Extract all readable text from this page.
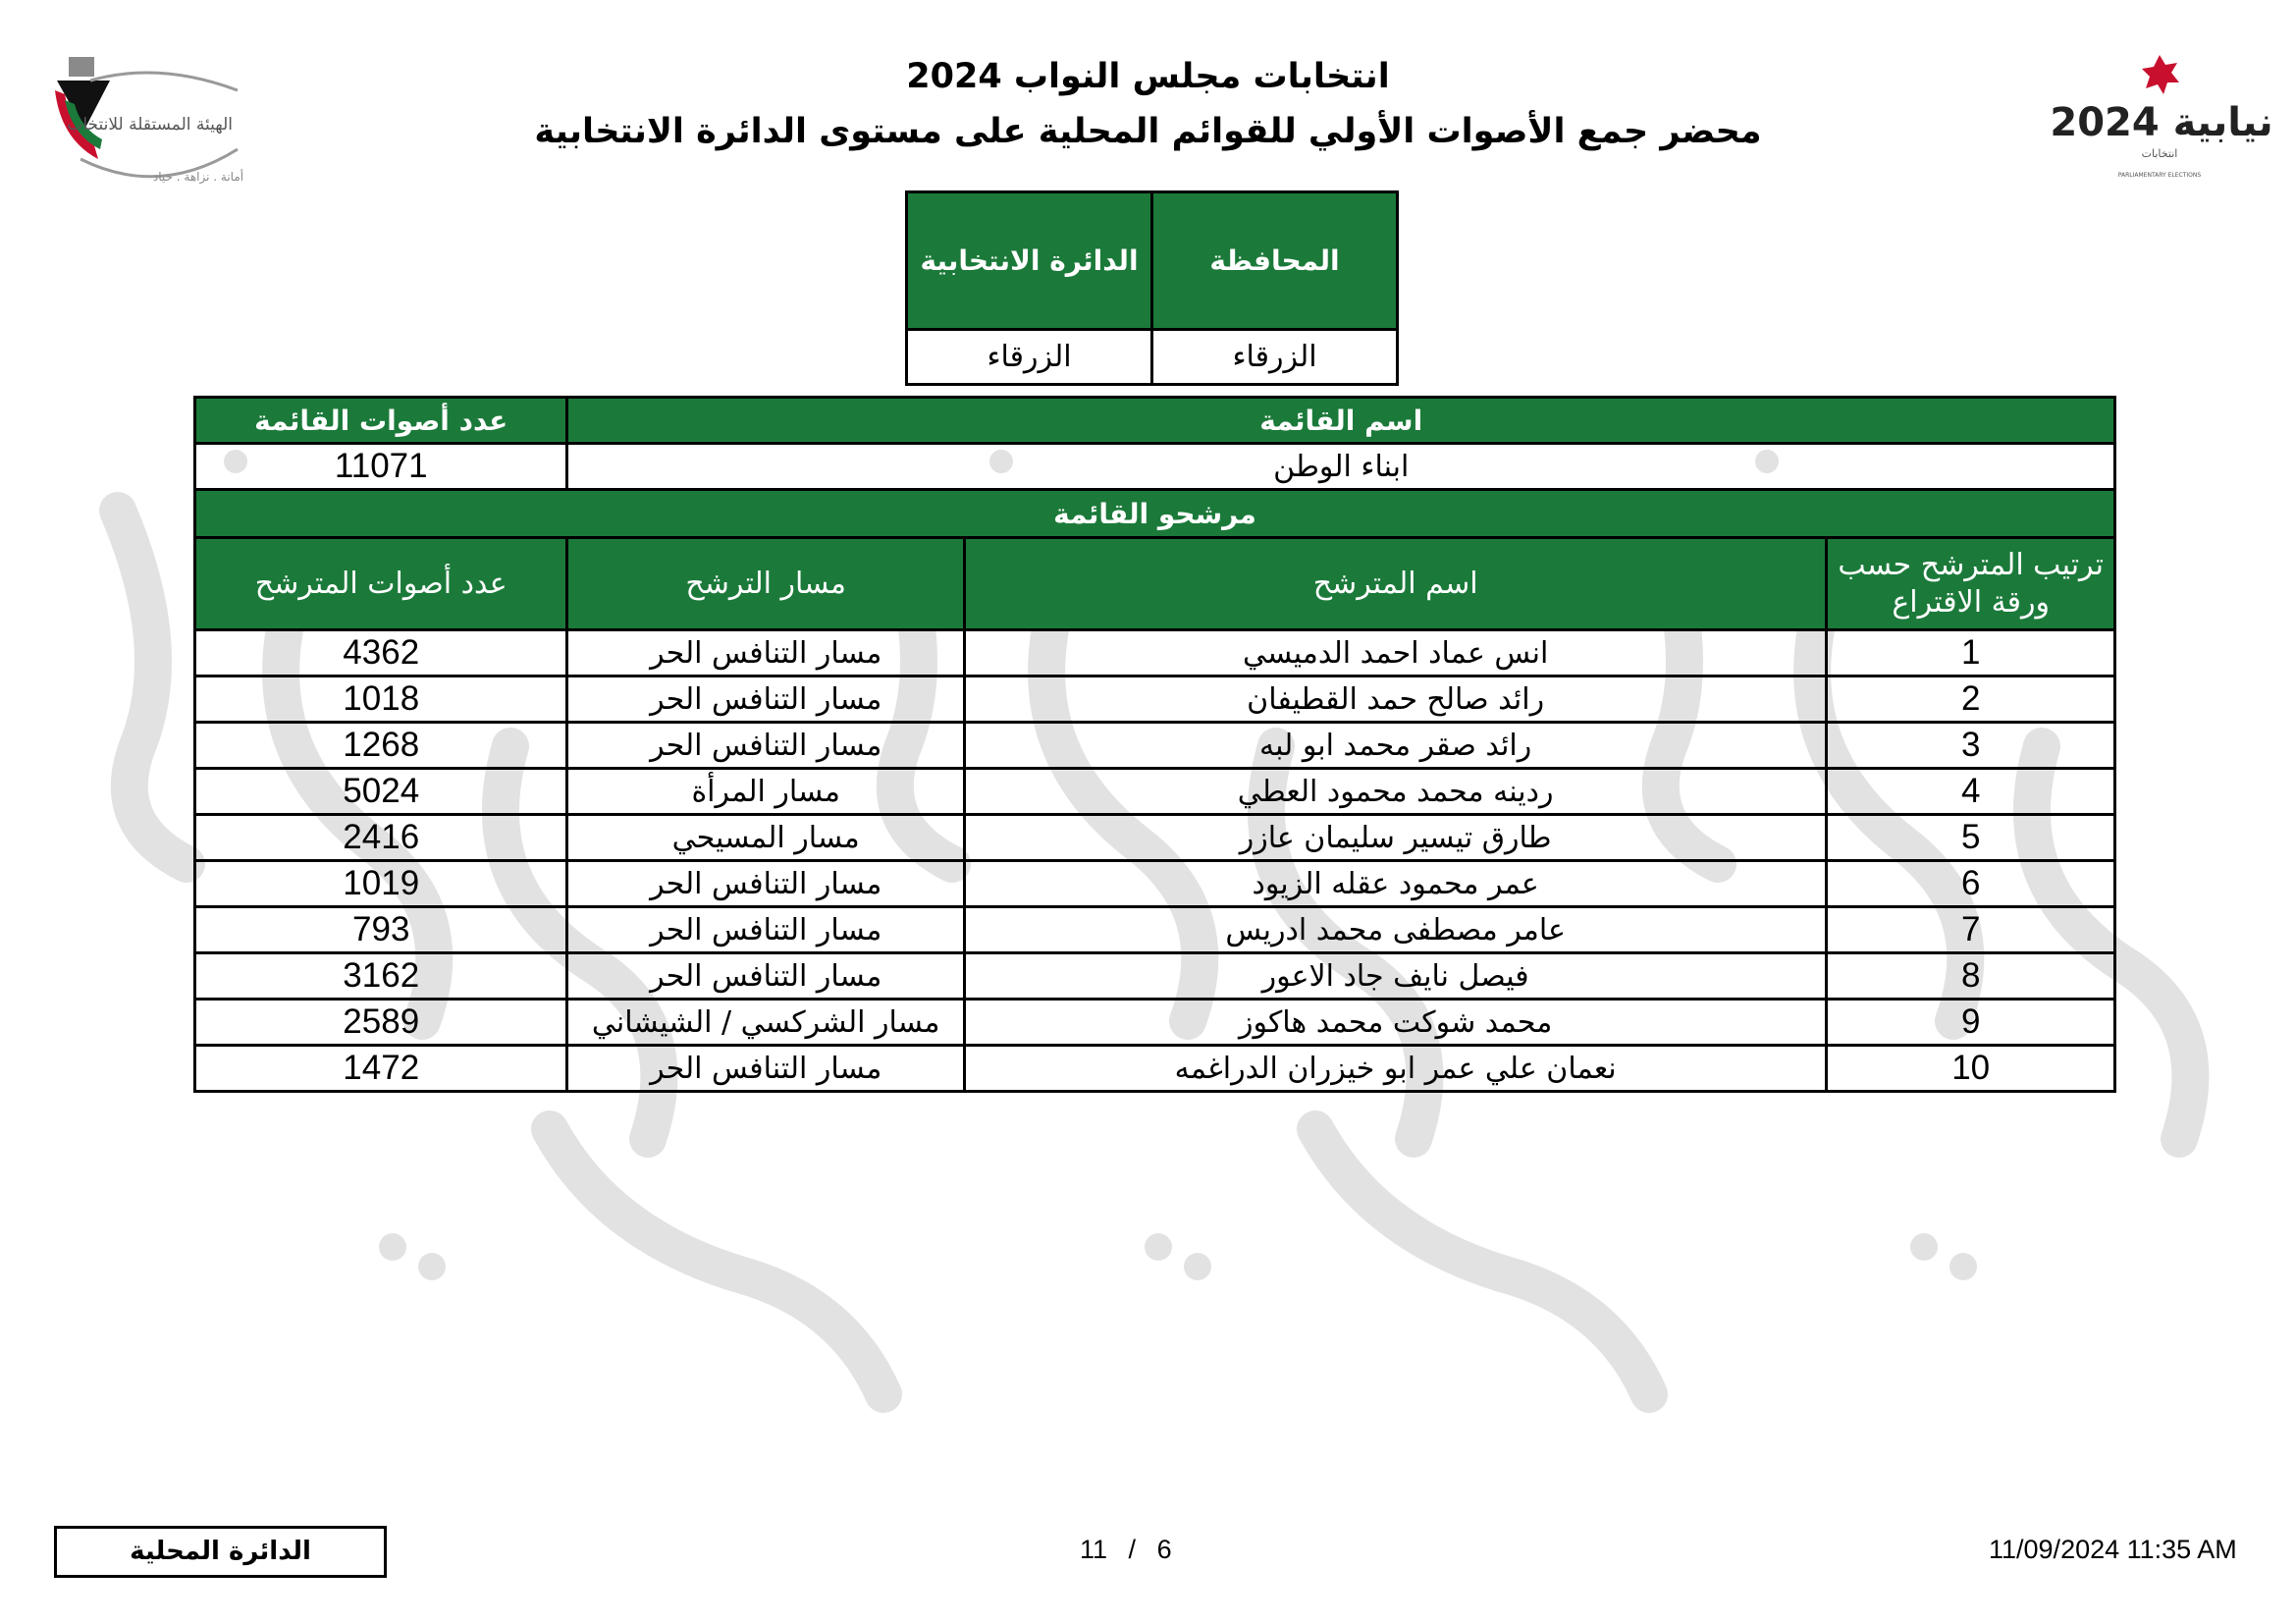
الهيئة المستقلة للانتخاب
أمانة . نزاهة . حياد
نيابية 2024
انتخابات
PARLIAMENTARY ELECTIONS
انتخابات مجلس النواب 2024
محضر جمع الأصوات الأولي للقوائم المحلية على مستوى الدائرة الانتخابية
المحافظة	الدائرة الانتخابية
الزرقاء	الزرقاء
اسم القائمة			عدد أصوات القائمة
ابناء الوطن			11071
مرشحو القائمة			
ترتيب المترشح حسب ورقة الاقتراع	اسم المترشح	مسار الترشح	عدد أصوات المترشح
1	انس عماد احمد الدميسي	مسار التنافس الحر	4362
2	رائد صالح حمد القطيفان	مسار التنافس الحر	1018
3	رائد صقر محمد ابو لبه	مسار التنافس الحر	1268
4	ردينه محمد محمود العطي	مسار المرأة	5024
5	طارق تيسير سليمان عازر	مسار المسيحي	2416
6	عمر محمود عقله الزيود	مسار التنافس الحر	1019
7	عامر مصطفى محمد ادريس	مسار التنافس الحر	793
8	فيصل نايف جاد الاعور	مسار التنافس الحر	3162
9	محمد شوكت محمد هاكوز	مسار الشركسي / الشيشاني	2589
10	نعمان علي عمر ابو خيزران الدراغمه	مسار التنافس الحر	1472
الدائرة المحلية	11 / 6	11/09/2024 11:35 AM
